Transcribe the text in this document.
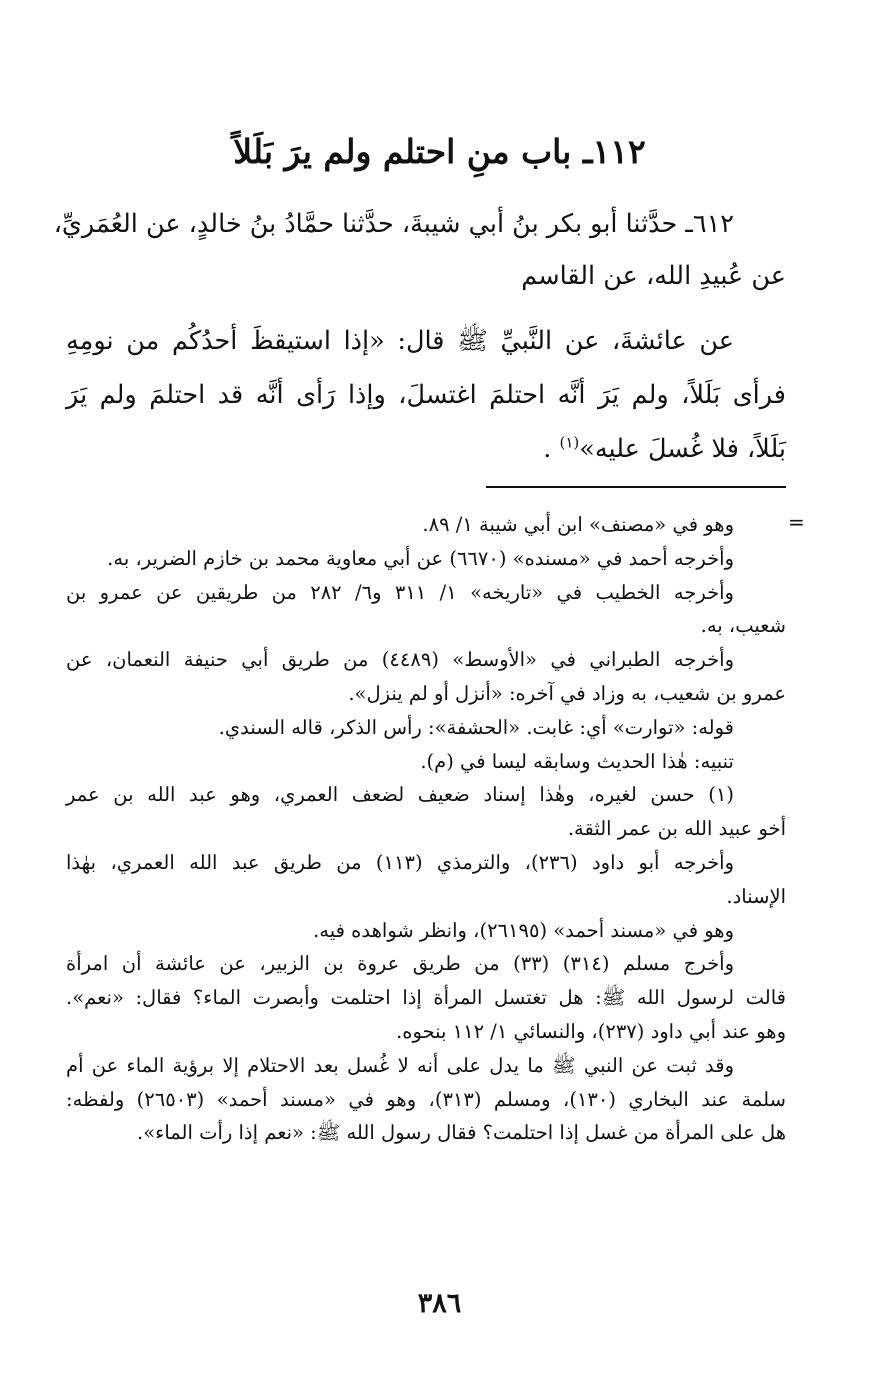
١١٢ـ باب منِ احتلم ولم يرَ بَلَلاً
٦١٢ـ حدَّثنا أبو بكر بنُ أبي شيبةَ، حدَّثنا حمَّادُ بنُ خالدٍ، عن العُمَريِّ،
عن عُبيدِ الله، عن القاسم
عن عائشةَ، عن النَّبيِّ ﷺ قال: «إذا استيقظَ أحدُكُم من نومِهِ
فرأى بَلَلاً، ولم يَرَ أنَّه احتلمَ اغتسلَ، وإذا رَأى أنَّه قد احتلمَ ولم يَرَ
بَلَلاً، فلا غُسلَ عليه»$^{(١)}$ .
=
وهو في «مصنف» ابن أبي شيبة ١/ ٨٩.
وأخرجه أحمد في «مسنده» (٦٦٧٠) عن أبي معاوية محمد بن خازم الضرير، به.
وأخرجه الخطيب في «تاريخه» ١/ ٣١١ و٦/ ٢٨٢ من طريقين عن عمرو بن
شعيب، به.
وأخرجه الطبراني في «الأوسط» (٤٤٨٩) من طريق أبي حنيفة النعمان، عن
عمرو بن شعيب، به وزاد في آخره: «أنزل أو لم ينزل».
قوله: «توارت» أي: غابت. «الحشفة»: رأس الذكر، قاله السندي.
تنبيه: هٰذا الحديث وسابقه ليسا في (م).
(١) حسن لغيره، وهٰذا إسناد ضعيف لضعف العمري، وهو عبد الله بن عمر
أخو عبيد الله بن عمر الثقة.
وأخرجه أبو داود (٢٣٦)، والترمذي (١١٣) من طريق عبد الله العمري، بهٰذا
الإسناد.
وهو في «مسند أحمد» (٢٦١٩٥)، وانظر شواهده فيه.
وأخرج مسلم (٣١٤) (٣٣) من طريق عروة بن الزبير، عن عائشة أن امرأة
قالت لرسول الله ﷺ: هل تغتسل المرأة إذا احتلمت وأبصرت الماء؟ فقال: «نعم».
وهو عند أبي داود (٢٣٧)، والنسائي ١/ ١١٢ بنحوه.
وقد ثبت عن النبي ﷺ ما يدل على أنه لا غُسل بعد الاحتلام إلا برؤية الماء عن أم
سلمة عند البخاري (١٣٠)، ومسلم (٣١٣)، وهو في «مسند أحمد» (٢٦٥٠٣) ولفظه:
هل على المرأة من غسل إذا احتلمت؟ فقال رسول الله ﷺ: «نعم إذا رأت الماء».
٣٨٦
